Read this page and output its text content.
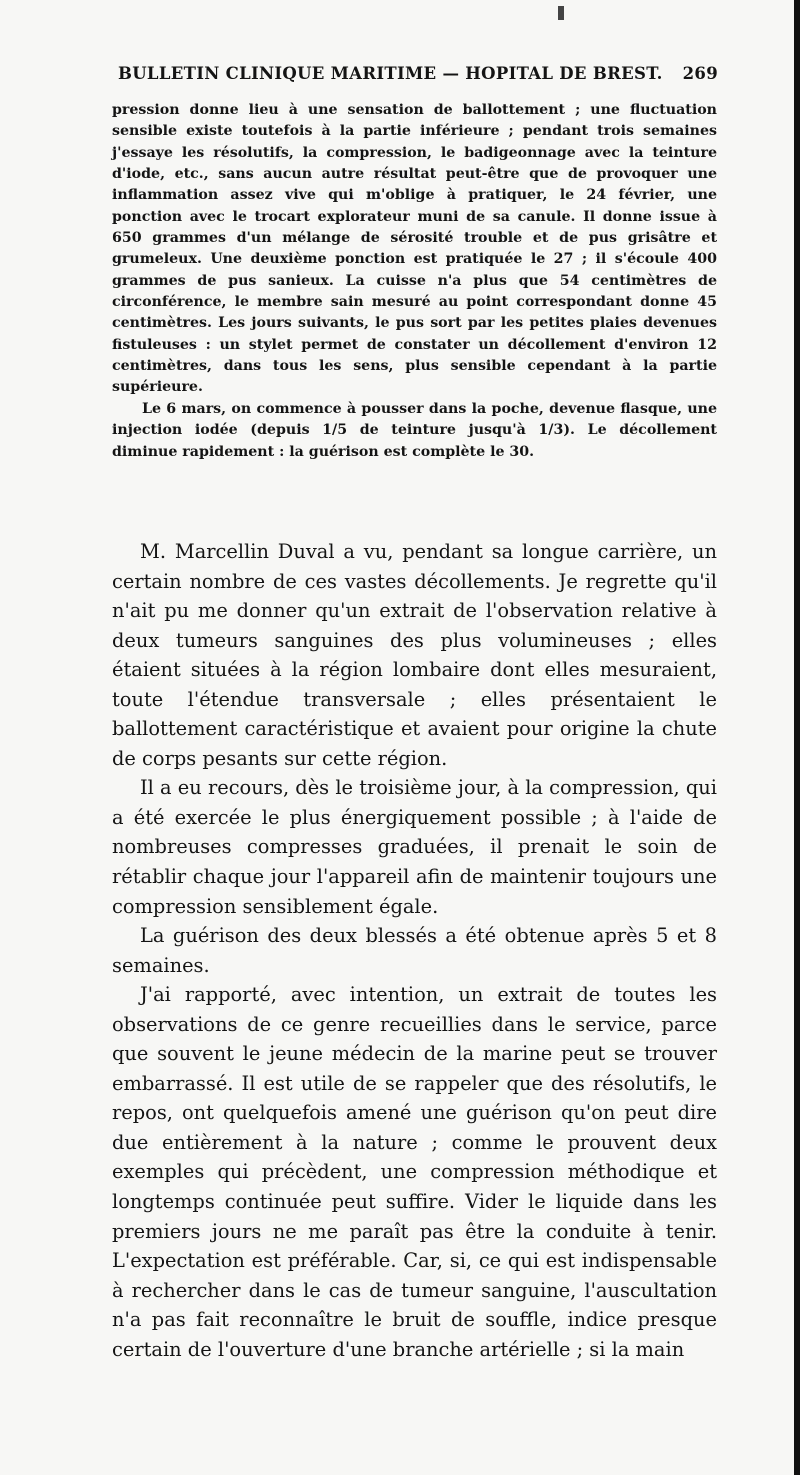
BULLETIN CLINIQUE MARITIME — HOPITAL DE BREST. 269

pression donne lieu à une sensation de ballottement ; une fluctuation sensible existe toutefois à la partie inférieure ; pendant trois semaines j'essaye les résolutifs, la compression, le badigeonnage avec la teinture d'iode, etc., sans aucun autre résultat peut-être que de provoquer une inflammation assez vive qui m'oblige à pratiquer, le 24 février, une ponction avec le trocart explorateur muni de sa canule. Il donne issue à 650 grammes d'un mélange de sérosité trouble et de pus grisâtre et grumeleux. Une deuxième ponction est pratiquée le 27 ; il s'écoule 400 grammes de pus sanieux. La cuisse n'a plus que 54 centimètres de circonférence, le membre sain mesuré au point correspondant donne 45 centimètres. Les jours suivants, le pus sort par les petites plaies devenues fistuleuses : un stylet permet de constater un décollement d'environ 12 centimètres, dans tous les sens, plus sensible cependant à la partie supérieure.

Le 6 mars, on commence à pousser dans la poche, devenue flasque, une injection iodée (depuis 1/5 de teinture jusqu'à 1/3). Le décollement diminue rapidement : la guérison est complète le 30.

M. Marcellin Duval a vu, pendant sa longue carrière, un certain nombre de ces vastes décollements. Je regrette qu'il n'ait pu me donner qu'un extrait de l'observation relative à deux tumeurs sanguines des plus volumineuses ; elles étaient situées à la région lombaire dont elles mesuraient, toute l'étendue transversale ; elles présentaient le ballottement caractéristique et avaient pour origine la chute de corps pesants sur cette région.

Il a eu recours, dès le troisième jour, à la compression, qui a été exercée le plus énergiquement possible ; à l'aide de nombreuses compresses graduées, il prenait le soin de rétablir chaque jour l'appareil afin de maintenir toujours une compression sensiblement égale.

La guérison des deux blessés a été obtenue après 5 et 8 semaines.

J'ai rapporté, avec intention, un extrait de toutes les observations de ce genre recueillies dans le service, parce que souvent le jeune médecin de la marine peut se trouver embarrassé. Il est utile de se rappeler que des résolutifs, le repos, ont quelquefois amené une guérison qu'on peut dire due entièrement à la nature ; comme le prouvent deux exemples qui précèdent, une compression méthodique et longtemps continuée peut suffire. Vider le liquide dans les premiers jours ne me paraît pas être la conduite à tenir. L'expectation est préférable. Car, si, ce qui est indispensable à rechercher dans le cas de tumeur sanguine, l'auscultation n'a pas fait reconnaître le bruit de souffle, indice presque certain de l'ouverture d'une branche artérielle ; si la main
